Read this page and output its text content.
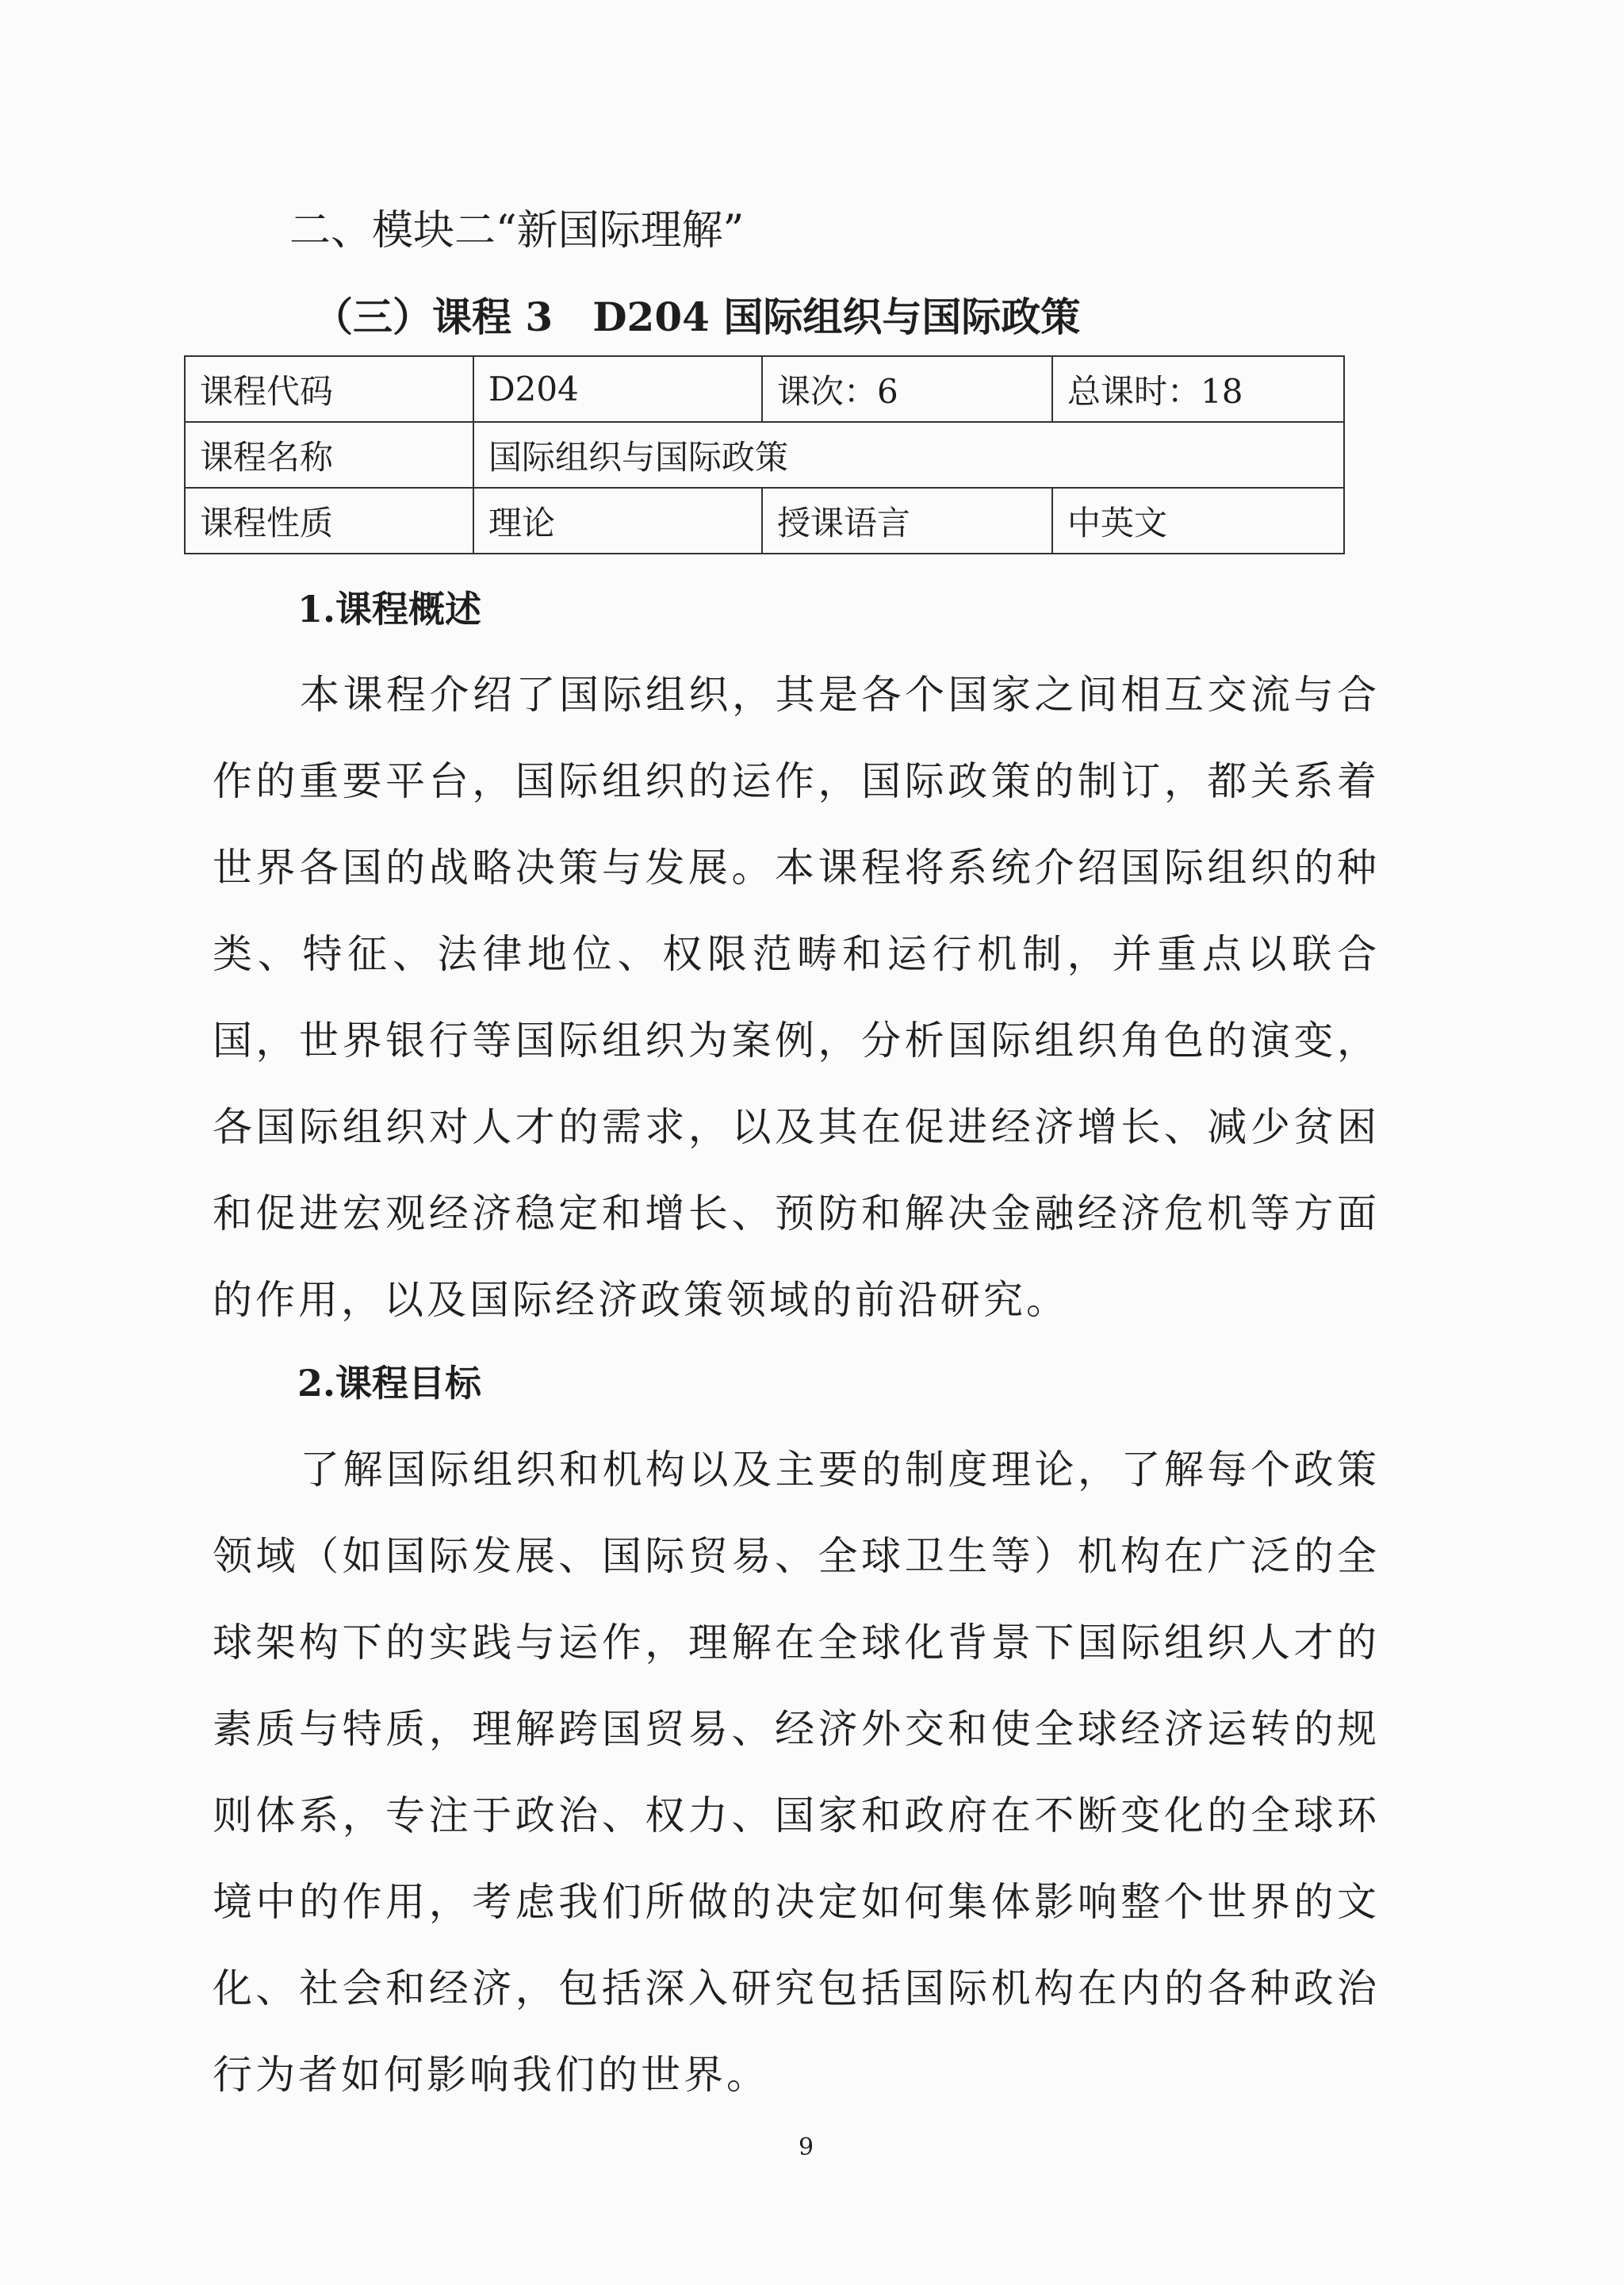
二、模块二“新国际理解”
（三）课程 3　D204 国际组织与国际政策
课程代码	D204	课次：6	总课时：18
课程名称	国际组织与国际政策		
课程性质	理论	授课语言	中英文
1.课程概述

本课程介绍了国际组织，其是各个国家之间相互交流与合作的重要平台，国际组织的运作，国际政策的制订，都关系着世界各国的战略决策与发展。本课程将系统介绍国际组织的种类、特征、法律地位、权限范畴和运行机制，并重点以联合国，世界银行等国际组织为案例，分析国际组织角色的演变，各国际组织对人才的需求，以及其在促进经济增长、减少贫困和促进宏观经济稳定和增长、预防和解决金融经济危机等方面的作用，以及国际经济政策领域的前沿研究。

2.课程目标

了解国际组织和机构以及主要的制度理论，了解每个政策领域（如国际发展、国际贸易、全球卫生等）机构在广泛的全球架构下的实践与运作，理解在全球化背景下国际组织人才的素质与特质，理解跨国贸易、经济外交和使全球经济运转的规则体系，专注于政治、权力、国家和政府在不断变化的全球环境中的作用，考虑我们所做的决定如何集体影响整个世界的文化、社会和经济，包括深入研究包括国际机构在内的各种政治行为者如何影响我们的世界。

9
